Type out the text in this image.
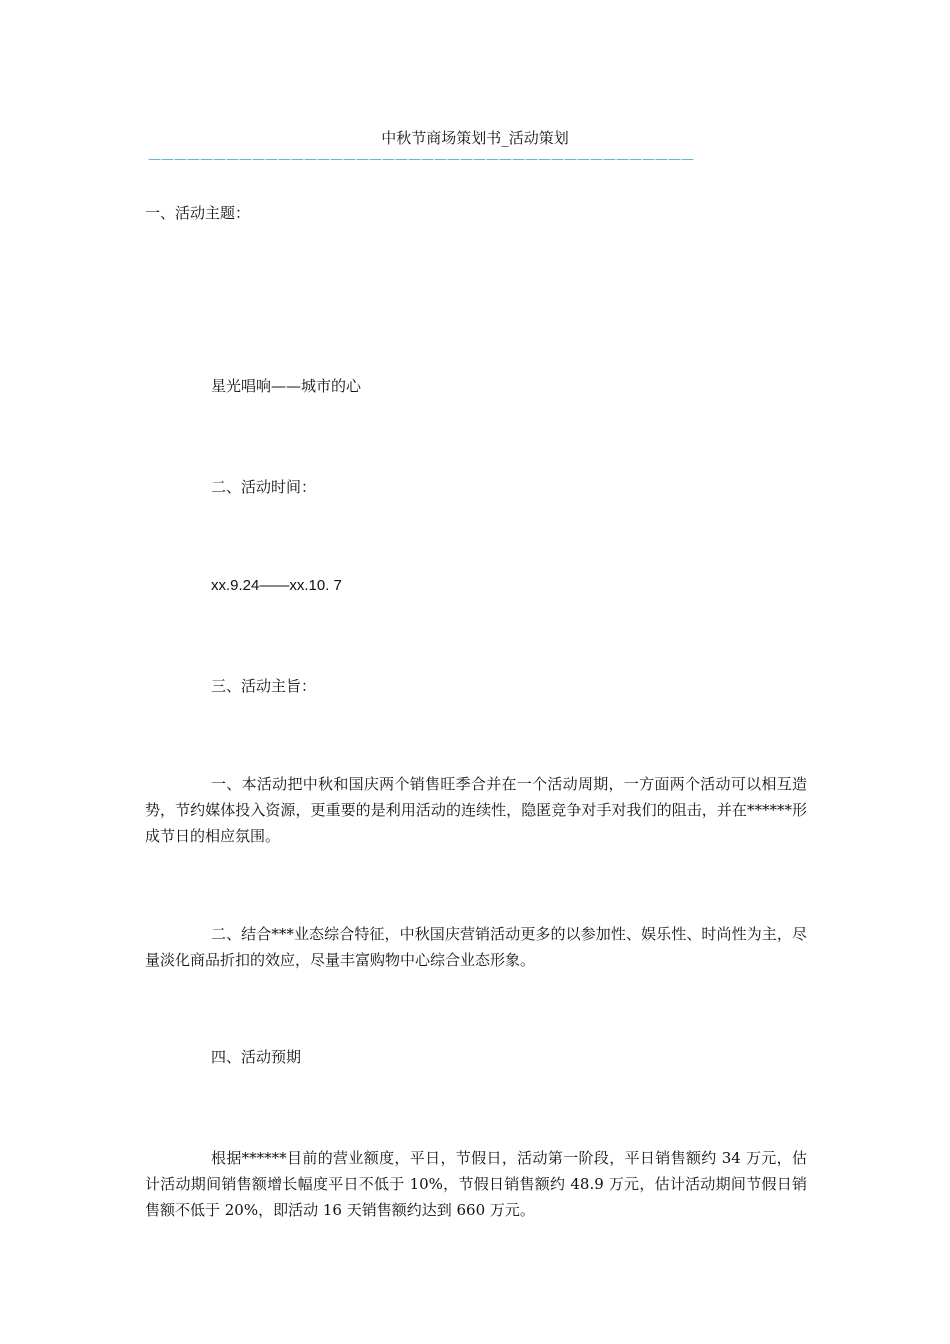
中秋节商场策划书_活动策划
——————————————————————————————————————————
一、活动主题：
星光唱响——城市的心
二、活动时间：
xx.9.24——xx.10. 7
三、活动主旨：
一、本活动把中秋和国庆两个销售旺季合并在一个活动周期，一方面两个活动可以相互造势，节约媒体投入资源，更重要的是利用活动的连续性，隐匿竞争对手对我们的阻击，并在******形成节日的相应氛围。
二、结合***业态综合特征，中秋国庆营销活动更多的以参加性、娱乐性、时尚性为主，尽量淡化商品折扣的效应，尽量丰富购物中心综合业态形象。
四、活动预期
根据******目前的营业额度，平日，节假日，活动第一阶段，平日销售额约 34 万元，估计活动期间销售额增长幅度平日不低于 10%，节假日销售额约 48.9 万元，估计活动期间节假日销售额不低于 20%，即活动 16 天销售额约达到 660 万元。
